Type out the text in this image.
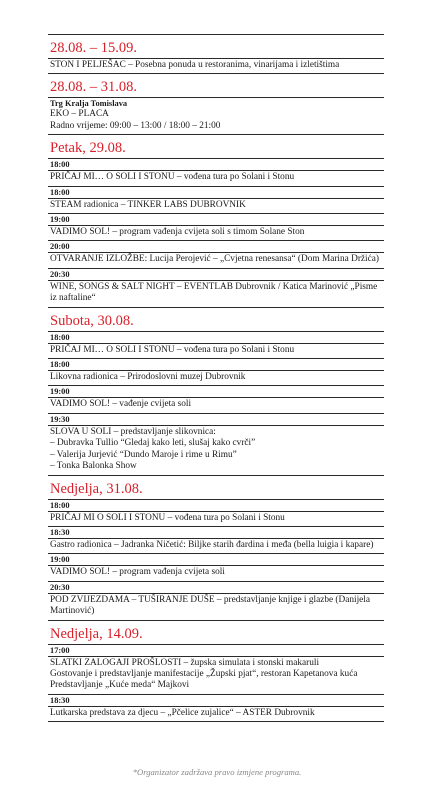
28.08. – 15.09.
STON I PELJEŠAC – Posebna ponuda u restoranima, vinarijama i izletištima
28.08. – 31.08.
Trg Kralja Tomislava
EKO – PLACA
Radno vrijeme: 09:00 – 13:00 / 18:00 – 21:00
Petak, 29.08.
18:00
PRIČAJ MI… O SOLI I STONU – vođena tura po Solani i Stonu
18:00
STEAM radionica – TINKER LABS DUBROVNIK
19:00
VADIMO SOL! – program vađenja cvijeta soli s timom Solane Ston
20:00
OTVARANJE IZLOŽBE: Lucija Perojević – „Cvjetna renesansa“ (Dom Marina Držića)
20:30
WINE, SONGS & SALT NIGHT – EVENTLAB Dubrovnik / Katica Marinović „Pisme iz naftaline“
Subota, 30.08.
18:00
PRIČAJ MI… O SOLI I STONU – vođena tura po Solani i Stonu
18:00
Likovna radionica – Prirodoslovni muzej Dubrovnik
19:00
VADIMO SOL! – vađenje cvijeta soli
19:30
SLOVA U SOLI – predstavljanje slikovnica:
– Dubravka Tullio “Gledaj kako leti, slušaj kako cvrči”
– Valerija Jurjević “Dundo Maroje i rime u Rimu”
– Tonka Balonka Show
Nedjelja, 31.08.
18:00
PRIČAJ MI O SOLI I STONU – vođena tura po Solani i Stonu
18:30
Gastro radionica – Jadranka Ničetić: Biljke starih đardina i međa (bella luigia i kapare)
19:00
VADIMO SOL! – program vađenja cvijeta soli
20:30
POD ZVIJEZDAMA – TUŠIRANJE DUŠE – predstavljanje knjige i glazbe (Danijela Martinović)
Nedjelja, 14.09.
17:00
SLATKI ZALOGAJI PROŠLOSTI – župska simulata i stonski makaruli
Gostovanje i predstavljanje manifestacije „Župski pjat“, restoran Kapetanova kuća
Predstavljanje „Kuće meda“ Majkovi
18:30
Lutkarska predstava za djecu – „Pčelice zujalice“ – ASTER Dubrovnik
*Organizator zadržava pravo izmjene programa.
